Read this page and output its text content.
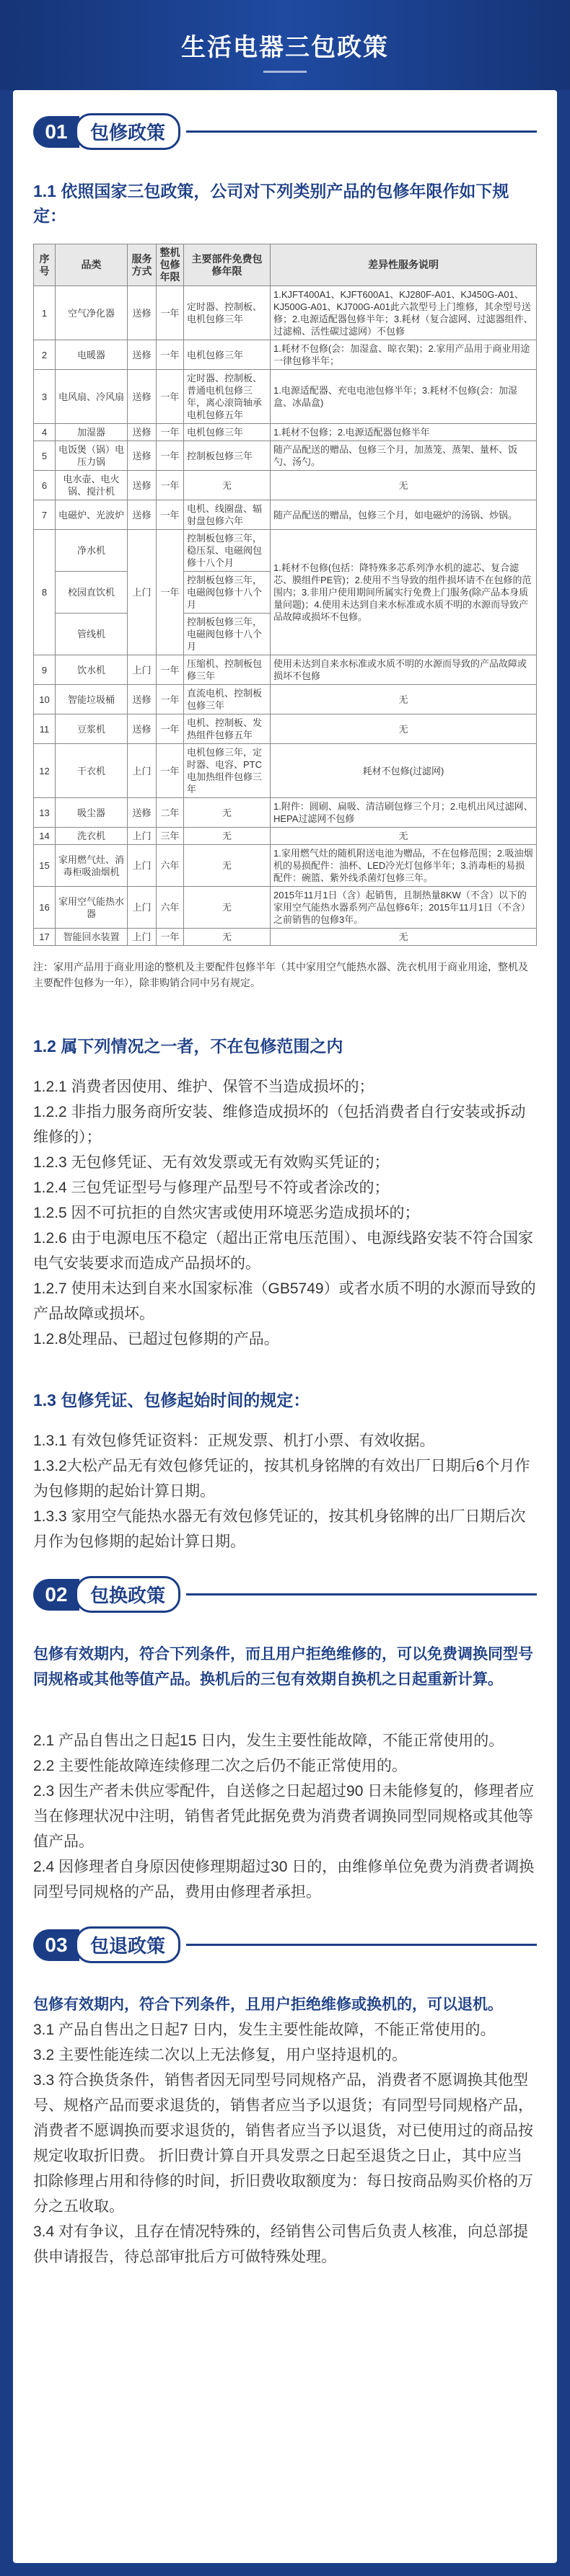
生活电器三包政策
01	包修政策
1.1 依照国家三包政策，公司对下列类别产品的包修年限作如下规定：
序号	品类	服务方式	整机包修年限	主要部件免费包修年限	差异性服务说明
1	空气净化器	送修	一年	定时器、控制板、电机包修三年	1.KJFT400A1、KJFT600A1、KJ280F-A01、KJ450G-A01、KJ500G-A01、KJ700G-A01此六款型号上门维修，其余型号送修；2.电源适配器包修半年；3.耗材（复合滤网、过滤器组件、过滤棉、活性碳过滤网）不包修
2	电暖器	送修	一年	电机包修三年	1.耗材不包修(会：加湿盒、晾衣架)；2.家用产品用于商业用途一律包修半年；
3	电风扇、冷风扇	送修	一年	定时器、控制板、普通电机包修三年，离心滚筒轴承电机包修五年	1.电源适配器、充电电池包修半年；3.耗材不包修(会：加湿盒、冰晶盒)
4	加湿器	送修	一年	电机包修三年	1.耗材不包修；2.电源适配器包修半年
5	电饭煲（锅）电压力锅	送修	一年	控制板包修三年	随产品配送的赠品、包修三个月，加蒸笼、蒸架、量杯、饭勺、汤勺。
6	电水壶、电火锅、搅汁机	送修	一年	无	无
7	电磁炉、光波炉	送修	一年	电机、线圈盘、辐射盘包修六年	随产品配送的赠品，包修三个月，如电磁炉的汤锅、炒锅。
8	净水机	上门	一年	控制板包修三年，稳压泵、电磁阀包修十八个月	1.耗材不包修(包括：降特殊多芯系列净水机的滤芯、复合滤芯、膜组件PE管)；2.使用不当导致的组件损坏请不在包修的范围内；3.非用户使用期间所属实行免费上门服务(除产品本身质量问题)；4.使用未达到自来水标准或水质不明的水源而导致产品故障或损坏不包修。
	校园直饮机			控制板包修三年，电磁阀包修十八个月	
	管线机			控制板包修三年，电磁阀包修十八个月	
9	饮水机	上门	一年	压缩机、控制板包修三年	使用未达到自来水标准或水质不明的水源而导致的产品故障或损坏不包修
10	智能垃圾桶	送修	一年	直流电机、控制板包修三年	无
11	豆浆机	送修	一年	电机、控制板、发热组件包修五年	无
12	干衣机	上门	一年	电机包修三年，定时器、电容、PTC电加热组件包修三年	耗材不包修(过滤网)
13	吸尘器	送修	二年	无	1.附件：圆刷、扁吸、清洁刷包修三个月；2.电机出风过滤网、HEPA过滤网不包修
14	洗衣机	上门	三年	无	无
15	家用燃气灶、消毒柜吸油烟机	上门	六年	无	1.家用燃气灶的随机附送电池为赠品，不在包修范围；2.吸油烟机的易损配件：油杯、LED冷光灯包修半年；3.消毒柜的易损配件：碗篮、紫外线杀菌灯包修三年。
16	家用空气能热水器	上门	六年	无	2015年11月1日（含）起销售，且制热量8KW（不含）以下的家用空气能热水器系列产品包修6年；2015年11月1日（不含）之前销售的包修3年。
17	智能回水装置	上门	一年	无	无
注：家用产品用于商业用途的整机及主要配件包修半年（其中家用空气能热水器、洗衣机用于商业用途，整机及主要配件包修为一年），除非购销合同中另有规定。
1.2 属下列情况之一者，不在包修范围之内

1.2.1 消费者因使用、维护、保管不当造成损坏的；

1.2.2 非指力服务商所安装、维修造成损坏的（包括消费者自行安装或拆动维修的）；

1.2.3 无包修凭证、无有效发票或无有效购买凭证的；

1.2.4 三包凭证型号与修理产品型号不符或者涂改的；

1.2.5 因不可抗拒的自然灾害或使用环境恶劣造成损坏的；

1.2.6 由于电源电压不稳定（超出正常电压范围）、电源线路安装不符合国家电气安装要求而造成产品损坏的。

1.2.7 使用未达到自来水国家标准（GB5749）或者水质不明的水源而导致的产品故障或损坏。

1.2.8处理品、已超过包修期的产品。

1.3 包修凭证、包修起始时间的规定：

1.3.1 有效包修凭证资料：正规发票、机打小票、有效收据。

1.3.2大松产品无有效包修凭证的，按其机身铭牌的有效出厂日期后6个月作为包修期的起始计算日期。

1.3.3 家用空气能热水器无有效包修凭证的，按其机身铭牌的出厂日期后次月作为包修期的起始计算日期。

02	包换政策
包修有效期内，符合下列条件，而且用户拒绝维修的，可以免费调换同型号同规格或其他等值产品。换机后的三包有效期自换机之日起重新计算。

2.1 产品自售出之日起15 日内，发生主要性能故障，不能正常使用的。

2.2 主要性能故障连续修理二次之后仍不能正常使用的。

2.3 因生产者未供应零配件，自送修之日起超过90 日未能修复的，修理者应当在修理状况中注明，销售者凭此据免费为消费者调换同型同规格或其他等值产品。

2.4 因修理者自身原因使修理期超过30 日的，由维修单位免费为消费者调换同型号同规格的产品，费用由修理者承担。

03	包退政策
包修有效期内，符合下列条件，且用户拒绝维修或换机的，可以退机。

3.1 产品自售出之日起7 日内，发生主要性能故障，不能正常使用的。

3.2 主要性能连续二次以上无法修复，用户坚持退机的。

3.3 符合换货条件，销售者因无同型号同规格产品，消费者不愿调换其他型号、规格产品而要求退货的，销售者应当予以退货；有同型号同规格产品，消费者不愿调换而要求退货的，销售者应当予以退货，对已使用过的商品按规定收取折旧费。 折旧费计算自开具发票之日起至退货之日止，其中应当扣除修理占用和待修的时间，折旧费收取额度为：每日按商品购买价格的万分之五收取。

3.4 对有争议，且存在情况特殊的，经销售公司售后负责人核准，向总部提供申请报告，待总部审批后方可做特殊处理。
